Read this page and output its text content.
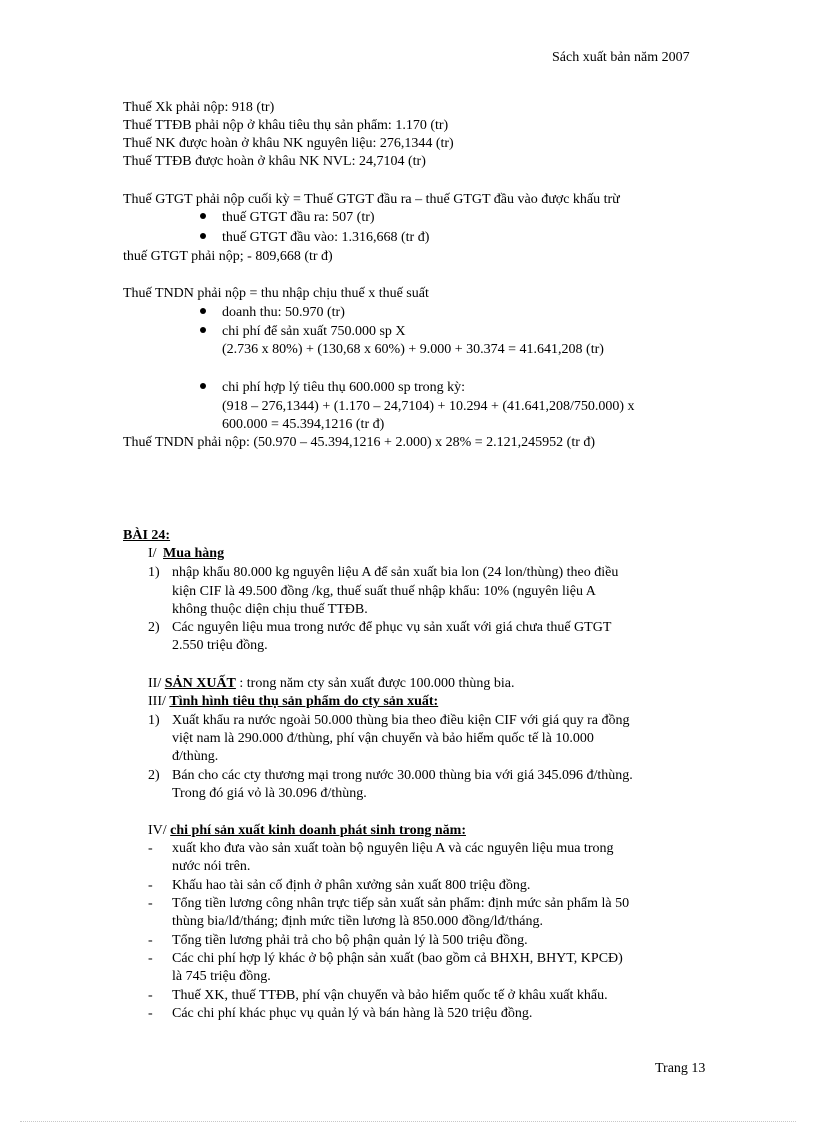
Sách xuất bản năm 2007
Thuế Xk phải nộp: 918 (tr)
Thuế TTĐB phải nộp ở khâu tiêu thụ sản phẩm: 1.170 (tr)
Thuế NK được hoàn ở khâu NK nguyên liệu: 276,1344 (tr)
Thuế TTĐB được hoàn ở khâu NK NVL: 24,7104 (tr)
Thuế GTGT phải nộp cuối kỳ = Thuế GTGT đầu ra – thuế GTGT đầu vào được khấu trừ
thuế GTGT đầu ra: 507 (tr)
thuế GTGT đầu vào: 1.316,668 (tr đ)
thuế GTGT phải nộp; - 809,668 (tr đ)
Thuế TNDN phải nộp = thu nhập chịu thuế x thuế suất
doanh thu: 50.970 (tr)
chi phí để sản xuất 750.000 sp X
(2.736 x 80%) + (130,68 x 60%) + 9.000 + 30.374 = 41.641,208 (tr)
chi phí hợp lý tiêu thụ 600.000 sp trong kỳ:
(918 – 276,1344) + (1.170 – 24,7104) + 10.294 + (41.641,208/750.000) x
600.000 = 45.394,1216 (tr đ)
Thuế TNDN phải nộp: (50.970 – 45.394,1216 + 2.000) x 28% = 2.121,245952 (tr đ)
BÀI 24:
I/ Mua hàng
1) nhập khẩu 80.000 kg nguyên liệu A để sản xuất bia lon (24 lon/thùng) theo điều
kiện CIF là 49.500 đồng /kg, thuế suất thuế nhập khẩu: 10% (nguyên liệu A
không thuộc diện chịu thuế TTĐB.
2) Các nguyên liệu mua trong nước để phục vụ sản xuất với giá chưa thuế GTGT
2.550 triệu đồng.
II/ SẢN XUẤT : trong năm cty sản xuất được 100.000 thùng bia.
III/ Tình hình tiêu thụ sản phẩm do cty sản xuất:
1) Xuất khẩu ra nước ngoài 50.000 thùng bia theo điều kiện CIF với giá quy ra đồng
việt nam là 290.000 đ/thùng, phí vận chuyển và bảo hiểm quốc tế là 10.000
đ/thùng.
2) Bán cho các cty thương mại trong nước 30.000 thùng bia với giá 345.096 đ/thùng.
Trong đó giá vỏ là 30.096 đ/thùng.
IV/ chi phí sản xuất kinh doanh phát sinh trong năm:
- xuất kho đưa vào sản xuất toàn bộ nguyên liệu A và các nguyên liệu mua trong
nước nói trên.
- Khấu hao tài sản cố định ở phân xưởng sản xuất 800 triệu đồng.
- Tổng tiền lương công nhân trực tiếp sản xuất sản phẩm: định mức sản phẩm là 50
thùng bia/lđ/tháng; định mức tiền lương là 850.000 đồng/lđ/tháng.
- Tổng tiền lương phải trả cho bộ phận quản lý là 500 triệu đồng.
- Các chi phí hợp lý khác ở bộ phận sản xuất (bao gồm cả BHXH, BHYT, KPCĐ)
là 745 triệu đồng.
- Thuế XK, thuế TTĐB, phí vận chuyển và bảo hiểm quốc tế ở khâu xuất khẩu.
- Các chi phí khác phục vụ quản lý và bán hàng là 520 triệu đồng.
Trang 13
